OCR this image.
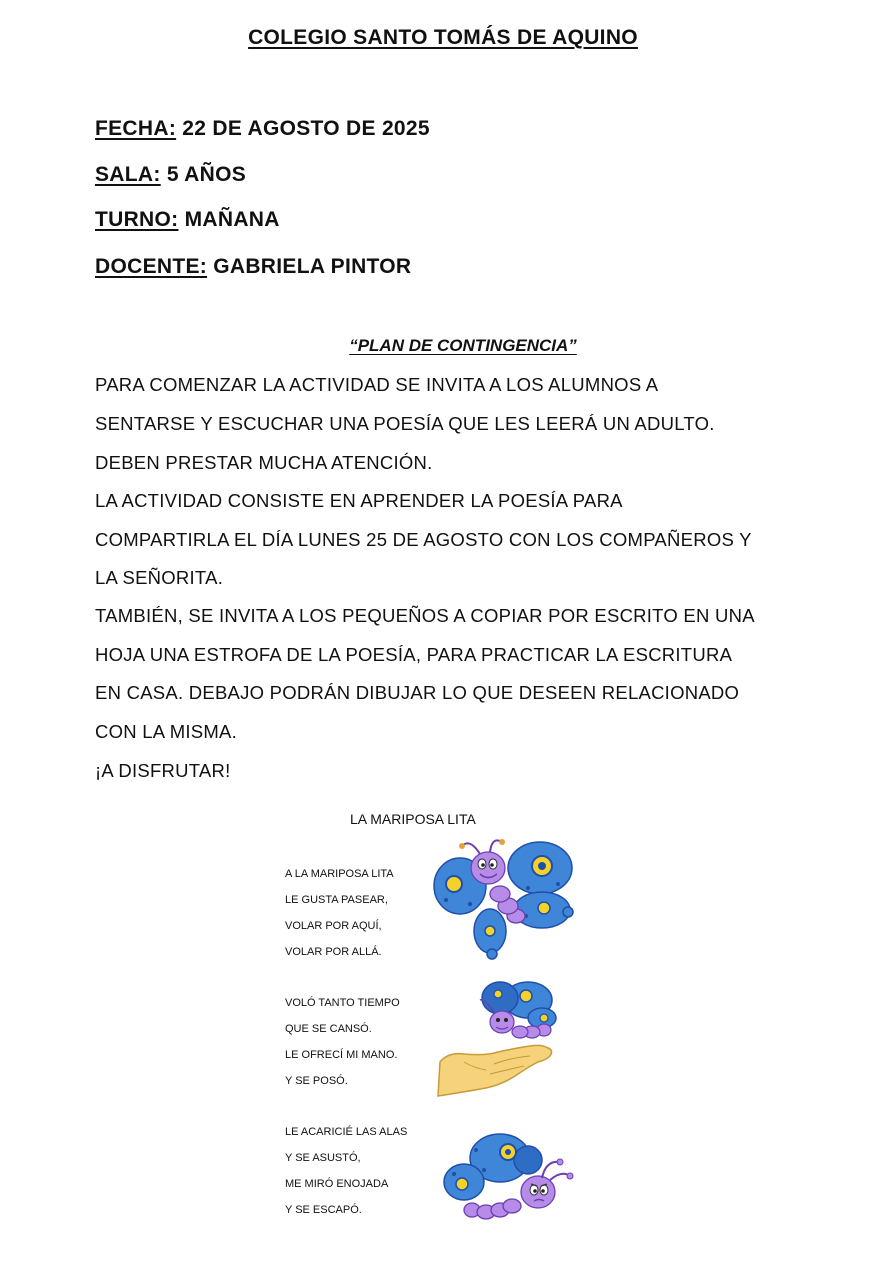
COLEGIO SANTO TOMÁS DE AQUINO
FECHA: 22 DE AGOSTO DE 2025
SALA: 5 AÑOS
TURNO: MAÑANA
DOCENTE: GABRIELA PINTOR
“PLAN DE CONTINGENCIA”
PARA COMENZAR LA ACTIVIDAD SE INVITA A LOS ALUMNOS A
SENTARSE Y ESCUCHAR UNA POESÍA QUE LES LEERÁ UN ADULTO.
DEBEN PRESTAR MUCHA ATENCIÓN.
LA ACTIVIDAD CONSISTE EN APRENDER LA POESÍA PARA
COMPARTIRLA EL DÍA LUNES 25 DE AGOSTO CON LOS COMPAÑEROS Y
LA SEÑORITA.
TAMBIÉN, SE INVITA A LOS PEQUEÑOS A COPIAR POR ESCRITO EN UNA
HOJA UNA ESTROFA DE LA POESÍA, PARA PRACTICAR LA ESCRITURA
EN CASA. DEBAJO PODRÁN DIBUJAR LO QUE DESEEN RELACIONADO
CON LA MISMA.
¡A DISFRUTAR!
LA MARIPOSA LITA
A LA MARIPOSA LITA
LE GUSTA PASEAR,
VOLAR POR AQUÍ,
VOLAR POR ALLÁ.
VOLÓ TANTO TIEMPO
QUE SE CANSÓ.
LE OFRECÍ MI MANO.
Y SE POSÓ.
LE ACARICIÉ LAS ALAS
Y SE ASUSTÓ,
ME MIRÓ ENOJADA
Y SE ESCAPÓ.
